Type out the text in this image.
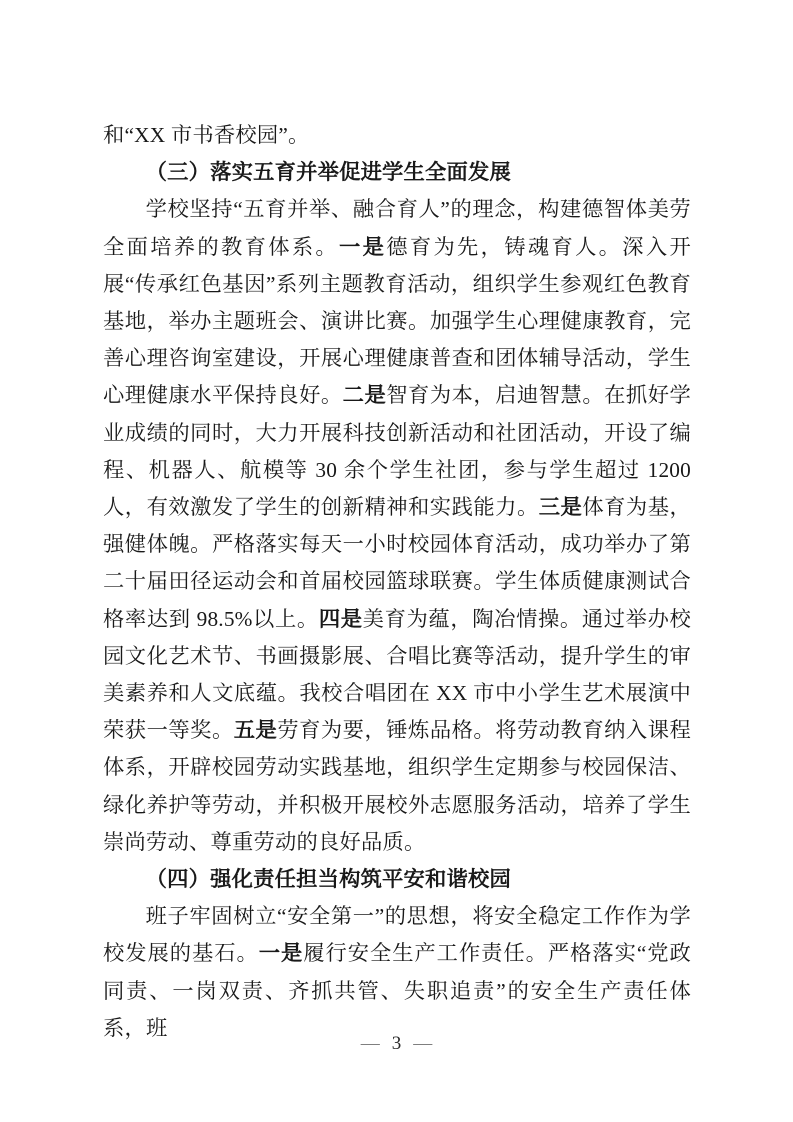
和“XX 市书香校园”。

（三）落实五育并举促进学生全面发展

学校坚持“五育并举、融合育人”的理念，构建德智体美劳全面培养的教育体系。一是德育为先，铸魂育人。深入开展“传承红色基因”系列主题教育活动，组织学生参观红色教育基地，举办主题班会、演讲比赛。加强学生心理健康教育，完善心理咨询室建设，开展心理健康普查和团体辅导活动，学生心理健康水平保持良好。二是智育为本，启迪智慧。在抓好学业成绩的同时，大力开展科技创新活动和社团活动，开设了编程、机器人、航模等 30 余个学生社团，参与学生超过 1200 人，有效激发了学生的创新精神和实践能力。三是体育为基，强健体魄。严格落实每天一小时校园体育活动，成功举办了第二十届田径运动会和首届校园篮球联赛。学生体质健康测试合格率达到 98.5%以上。四是美育为蕴，陶冶情操。通过举办校园文化艺术节、书画摄影展、合唱比赛等活动，提升学生的审美素养和人文底蕴。我校合唱团在 XX 市中小学生艺术展演中荣获一等奖。五是劳育为要，锤炼品格。将劳动教育纳入课程体系，开辟校园劳动实践基地，组织学生定期参与校园保洁、绿化养护等劳动，并积极开展校外志愿服务活动，培养了学生崇尚劳动、尊重劳动的良好品质。

（四）强化责任担当构筑平安和谐校园

班子牢固树立“安全第一”的思想，将安全稳定工作作为学校发展的基石。一是履行安全生产工作责任。严格落实“党政同责、一岗双责、齐抓共管、失职追责”的安全生产责任体系，班

— 3 —
